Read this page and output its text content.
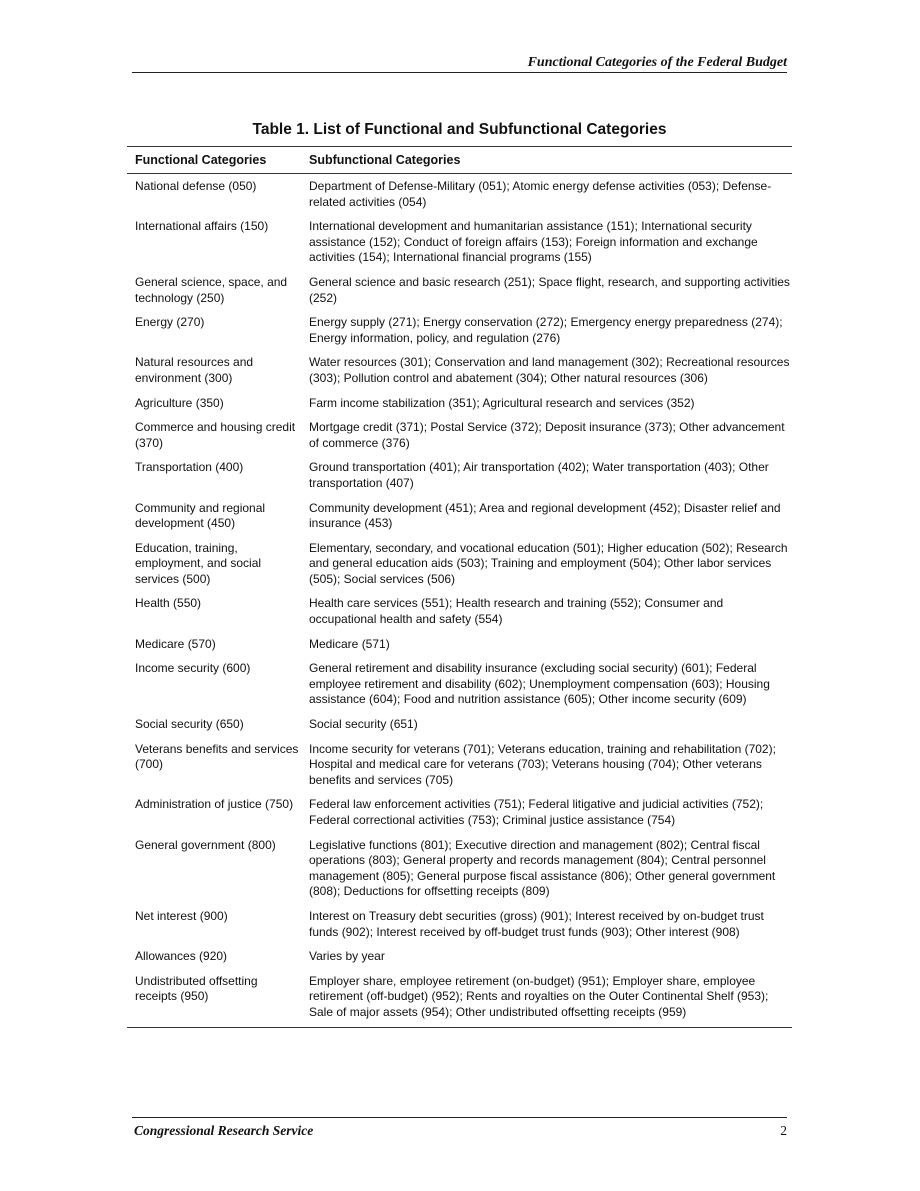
Functional Categories of the Federal Budget
Table 1. List of Functional and Subfunctional Categories
Functional Categories	Subfunctional Categories
National defense (050)	Department of Defense-Military (051); Atomic energy defense activities (053); Defense-related activities (054)
International affairs (150)	International development and humanitarian assistance (151); International security assistance (152); Conduct of foreign affairs (153); Foreign information and exchange activities (154); International financial programs (155)
General science, space, and technology (250)	General science and basic research (251); Space flight, research, and supporting activities (252)
Energy (270)	Energy supply (271); Energy conservation (272); Emergency energy preparedness (274); Energy information, policy, and regulation (276)
Natural resources and environment (300)	Water resources (301); Conservation and land management (302); Recreational resources (303); Pollution control and abatement (304); Other natural resources (306)
Agriculture (350)	Farm income stabilization (351); Agricultural research and services (352)
Commerce and housing credit (370)	Mortgage credit (371); Postal Service (372); Deposit insurance (373); Other advancement of commerce (376)
Transportation (400)	Ground transportation (401); Air transportation (402); Water transportation (403); Other transportation (407)
Community and regional development (450)	Community development (451); Area and regional development (452); Disaster relief and insurance (453)
Education, training, employment, and social services (500)	Elementary, secondary, and vocational education (501); Higher education (502); Research and general education aids (503); Training and employment (504); Other labor services (505); Social services (506)
Health (550)	Health care services (551); Health research and training (552); Consumer and occupational health and safety (554)
Medicare (570)	Medicare (571)
Income security (600)	General retirement and disability insurance (excluding social security) (601); Federal employee retirement and disability (602); Unemployment compensation (603); Housing assistance (604); Food and nutrition assistance (605); Other income security (609)
Social security (650)	Social security (651)
Veterans benefits and services (700)	Income security for veterans (701); Veterans education, training and rehabilitation (702); Hospital and medical care for veterans (703); Veterans housing (704); Other veterans benefits and services (705)
Administration of justice (750)	Federal law enforcement activities (751); Federal litigative and judicial activities (752); Federal correctional activities (753); Criminal justice assistance (754)
General government (800)	Legislative functions (801); Executive direction and management (802); Central fiscal operations (803); General property and records management (804); Central personnel management (805); General purpose fiscal assistance (806); Other general government (808); Deductions for offsetting receipts (809)
Net interest (900)	Interest on Treasury debt securities (gross) (901); Interest received by on-budget trust funds (902); Interest received by off-budget trust funds (903); Other interest (908)
Allowances (920)	Varies by year
Undistributed offsetting receipts (950)	Employer share, employee retirement (on-budget) (951); Employer share, employee retirement (off-budget) (952); Rents and royalties on the Outer Continental Shelf (953); Sale of major assets (954); Other undistributed offsetting receipts (959)
Congressional Research Service	2
